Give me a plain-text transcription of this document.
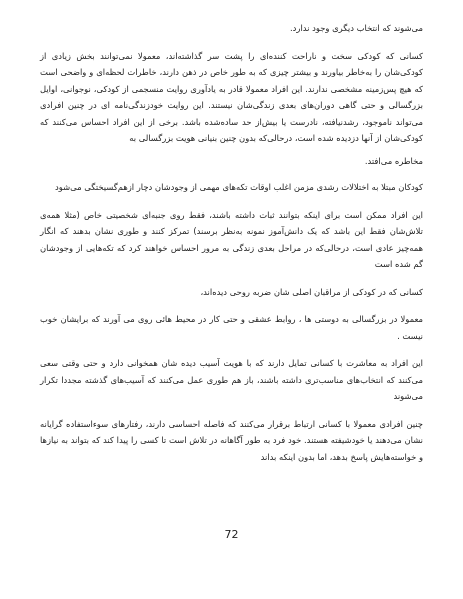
می‌شوند که انتخاب دیگری وجود ندارد.

کسانی که کودکی سخت و ناراحت کننده‌ای را پشت سر گذاشته‌اند، معمولا نمی‌توانند بخش زیادی از کودکی‌شان را به‌خاطر بیاورند و بیشتر چیزی که به طور خاص در ذهن دارند، خاطرات لحظه‌ای و واضحی است که هیچ پس‌زمینه مشخصی ندارند. این افراد معمولا قادر به یادآوری روایت منسجمی از کودکی، نوجوانی، اوایل بزرگسالی و حتی گاهی دوران‌های بعدی زندگی‌شان نیستند. این روایت خودزندگی‌نامه ای در چنین افرادی می‌تواند ناموجود، رشدنیافته، نادرست یا بیش‌از حد ساده‌شده باشد. برخی از این افراد احساس می‌کنند که کودکی‌شان از آنها دزدیده شده است، درحالی‌که بدون چنین بنیانی هویت بزرگسالی به

مخاطره می‌افتد.

کودکان مبتلا به اختلالات رشدی مزمن اغلب اوقات تکه‌های مهمی از وجودشان دچار از‌هم‌گسیختگی می‌شود

این افراد ممکن است برای اینکه بتوانند ثبات داشته باشند، فقط روی جنبه‌ای شخصیتی خاص (مثلا همه‌ی تلاش‌شان فقط این باشد که یک دانش‌آموز نمونه به‌نظر برسند) تمرکز کنند و طوری نشان بدهند که انگار همه‌چیز عادی است، درحالی‌که در مراحل بعدی زندگی به مرور احساس خواهند کرد که تکه‌هایی از وجودشان گم شده است

کسانی که در کودکی از مراقبان اصلی شان ضربه روحی دیده‌اند،

معمولا در بزرگسالی به دوستی ها ، روابط عشقی و حتی کار در محیط هائی روی می آورند که برایشان خوب نیست .

این افراد به معاشرت با کسانی تمایل دارند که با هویت آسیب دیده شان همخوانی دارد و حتی وقتی سعی می‌کنند که انتخاب‌های مناسب‌تری داشته باشند، باز هم طوری عمل می‌کنند که آسیب‌های گذشته مجددا تکرار می‌شوند

چنین افرادی معمولا با کسانی ارتباط برقرار می‌کنند که فاصله احساسی دارند، رفتارهای سوءاستفاده گرایانه نشان می‌دهند یا خودشیفته هستند. خود فرد به طور آگاهانه در تلاش است تا کسی را پیدا کند که بتواند به نیازها و خواسته‌هایش پاسخ بدهد، اما بدون اینکه بداند

72
